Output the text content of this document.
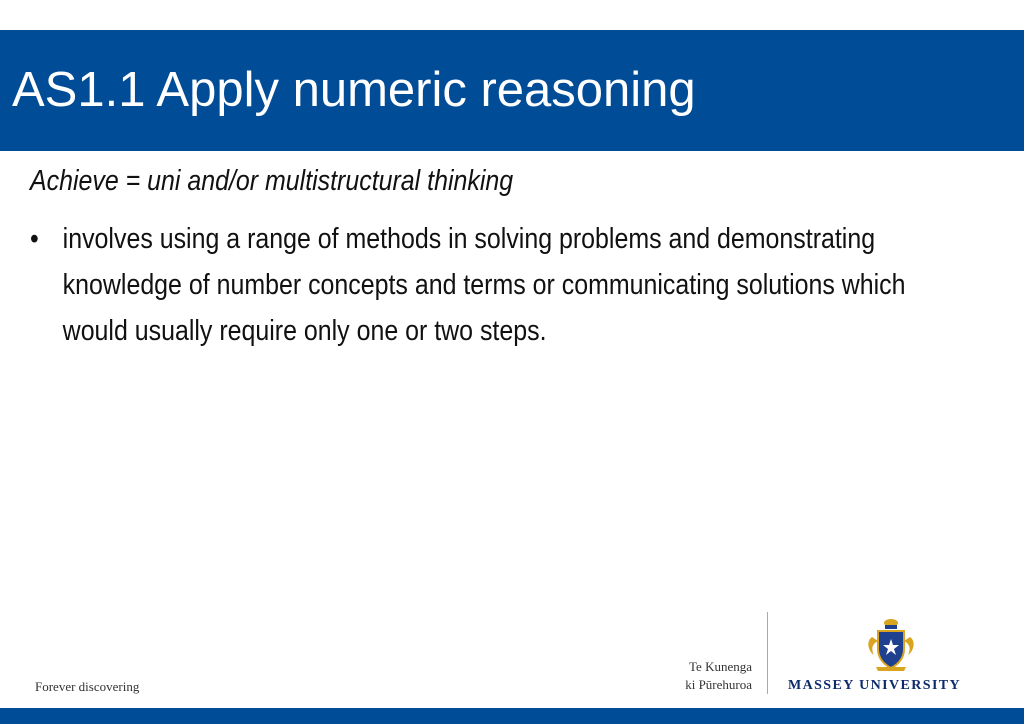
AS1.1 Apply numeric reasoning
Achieve = uni and/or multistructural thinking
• involves using a range of methods in solving problems and demonstrating knowledge of number concepts and terms or communicating solutions which would usually require only one or two steps.
Forever discovering
Te Kunenga
ki Pūrehuroa	MASSEY UNIVERSITY
